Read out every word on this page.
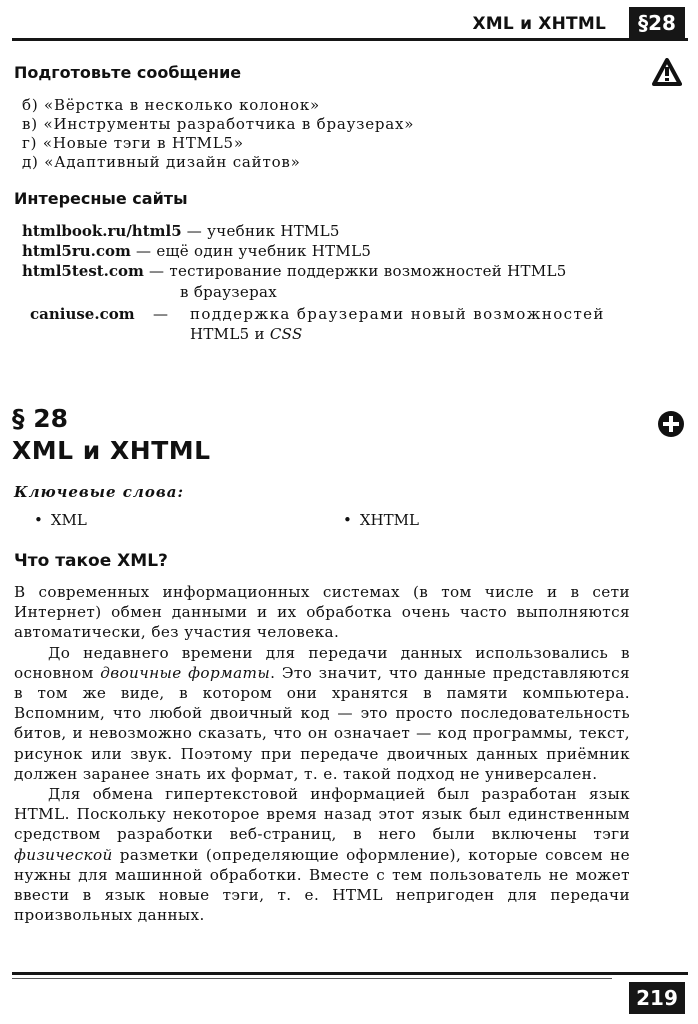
XML и XHTML	§28
Подготовьте сообщение
б) «Вёрстка в несколько колонок»
в) «Инструменты разработчика в браузерах»
г) «Новые тэги в HTML5»
д) «Адаптивный дизайн сайтов»
Интересные сайты
htmlbook.ru/html5 — учебник HTML5
html5ru.com — ещё один учебник HTML5
html5test.com — тестирование поддержки возможностей HTML5
в браузерах
caniuse.com — поддержка браузерами новый возможностей
HTML5 и CSS
§ 28
XML и XHTML
Ключевые слова:
• XML	• XHTML
Что такое XML?

В современных информационных системах (в том числе и в сети Интернет) обмен данными и их обработка очень часто выполняются автоматически, без участия человека.

До недавнего времени для передачи данных использовались в основном двоичные форматы. Это значит, что данные представляются в том же виде, в котором они хранятся в памяти компьютера. Вспомним, что любой двоичный код — это просто последовательность битов, и невозможно сказать, что он означает — код программы, текст, рисунок или звук. Поэтому при передаче двоичных данных приёмник должен заранее знать их формат, т. е. такой подход не универсален.

Для обмена гипертекстовой информацией был разработан язык HTML. Поскольку некоторое время назад этот язык был единственным средством разработки веб-страниц, в него были включены тэги физической разметки (определяющие оформление), которые совсем не нужны для машинной обработки. Вместе с тем пользователь не может ввести в язык новые тэги, т. е. HTML непригоден для передачи произвольных данных.

219
